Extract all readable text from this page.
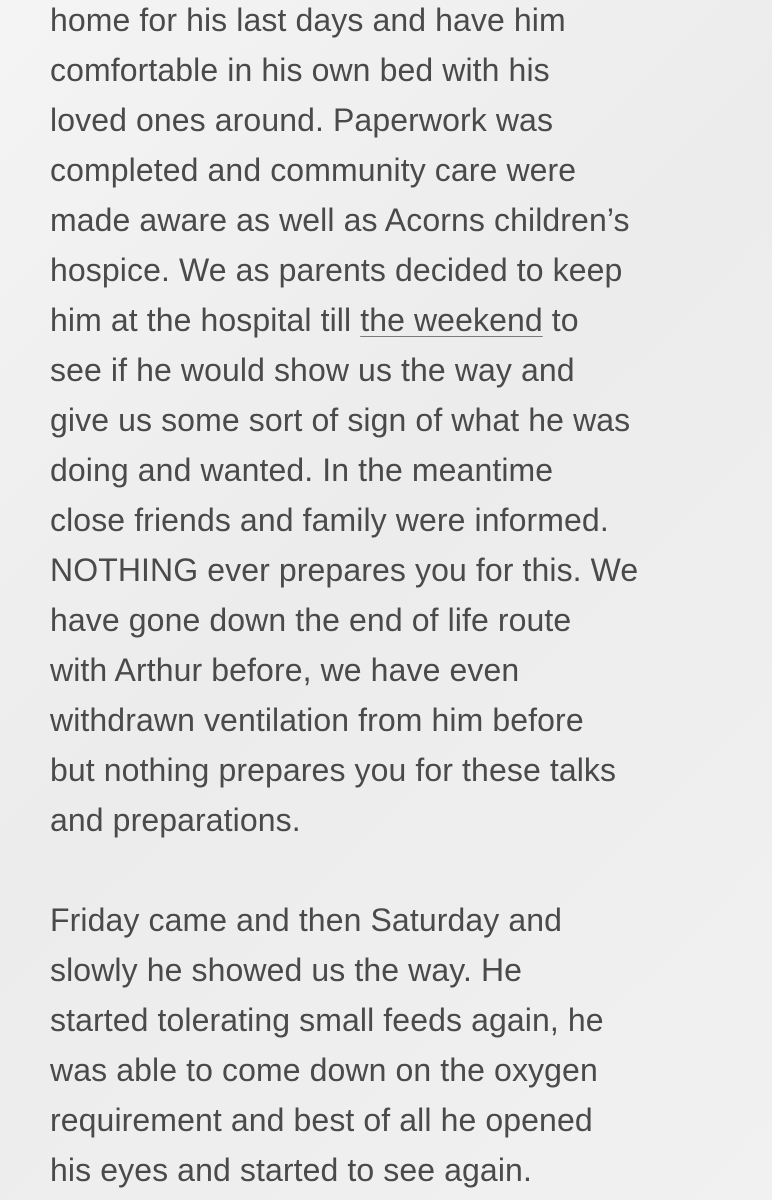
home for his last days and have him
comfortable in his own bed with his
loved ones around. Paperwork was
completed and community care were
made aware as well as Acorns children’s
hospice. We as parents decided to keep
him at the hospital till the weekend to
see if he would show us the way and
give us some sort of sign of what he was
doing and wanted. In the meantime
close friends and family were informed.
NOTHING ever prepares you for this. We
have gone down the end of life route
with Arthur before, we have even
withdrawn ventilation from him before
but nothing prepares you for these talks
and preparations.
Friday came and then Saturday and
slowly he showed us the way. He
started tolerating small feeds again, he
was able to come down on the oxygen
requirement and best of all he opened
his eyes and started to see again.
